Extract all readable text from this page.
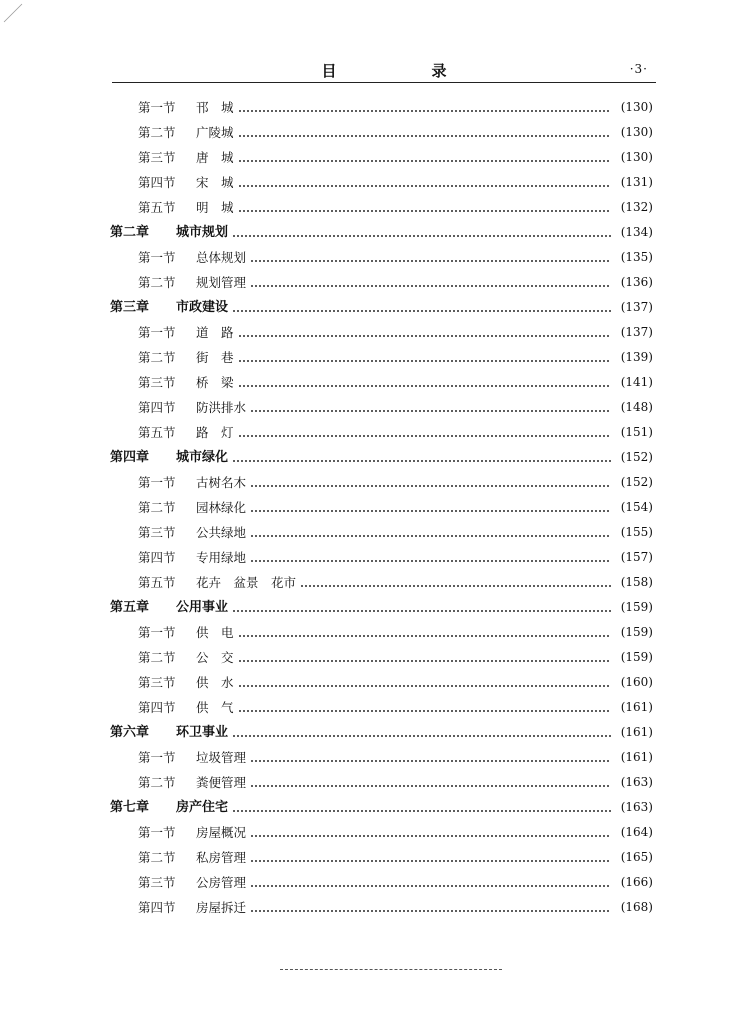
目　录	·3·
第一节	邗　城	(130)
第二节	广陵城	(130)
第三节	唐　城	(130)
第四节	宋　城	(131)
第五节	明　城	(132)
第二章	城市规划	(134)
第一节	总体规划	(135)
第二节	规划管理	(136)
第三章	市政建设	(137)
第一节	道　路	(137)
第二节	街　巷	(139)
第三节	桥　梁	(141)
第四节	防洪排水	(148)
第五节	路　灯	(151)
第四章	城市绿化	(152)
第一节	古树名木	(152)
第二节	园林绿化	(154)
第三节	公共绿地	(155)
第四节	专用绿地	(157)
第五节	花卉　盆景　花市	(158)
第五章	公用事业	(159)
第一节	供　电	(159)
第二节	公　交	(159)
第三节	供　水	(160)
第四节	供　气	(161)
第六章	环卫事业	(161)
第一节	垃圾管理	(161)
第二节	粪便管理	(163)
第七章	房产住宅	(163)
第一节	房屋概况	(164)
第二节	私房管理	(165)
第三节	公房管理	(166)
第四节	房屋拆迁	(168)
